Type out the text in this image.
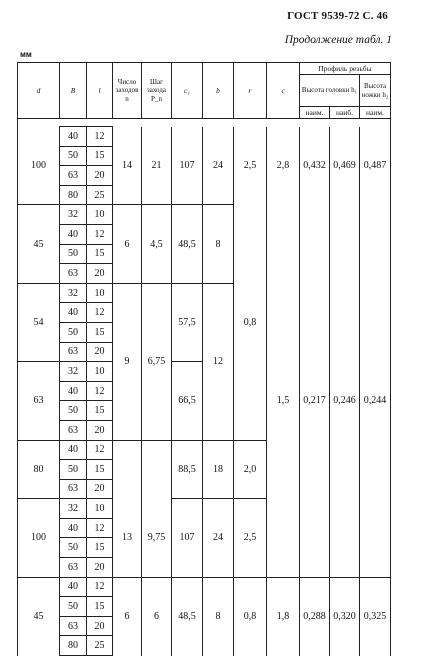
ГОСТ 9539-72 С. 46
Продолжение табл. 1
мм
d	B	l	Число заходов n	Шаг захода P_n	c₁	b	r	c	Профиль резьбы		
									Высота головки h₁		Высота ножки h₂
									наим.	наиб.	наим.

100	40	12	14	21	107	24	2,5	2,8	0,432	0,469	0,487
	50	15									
	63	20									
	80	25									
45	32	10	6	4,5	48,5	8					
	40	12									
	50	15									
	63	20									
54	32	10	9	6,75	57,5	12	0,8				
	40	12									
	50	15									
	63	20									
63	32	10			66,5			1,5	0,217	0,246	0,244
	40	12									
	50	15									
	63	20									
80	40	12			88,5	18	2,0				
	50	15									
	63	20									
100	32	10	13	9,75	107	24	2,5				
	40	12									
	50	15									
	63	20									
45	40	12	6	6	48,5	8	0,8	1,8	0,288	0,320	0,325
	50	15									
	63	20									
	80	25									
